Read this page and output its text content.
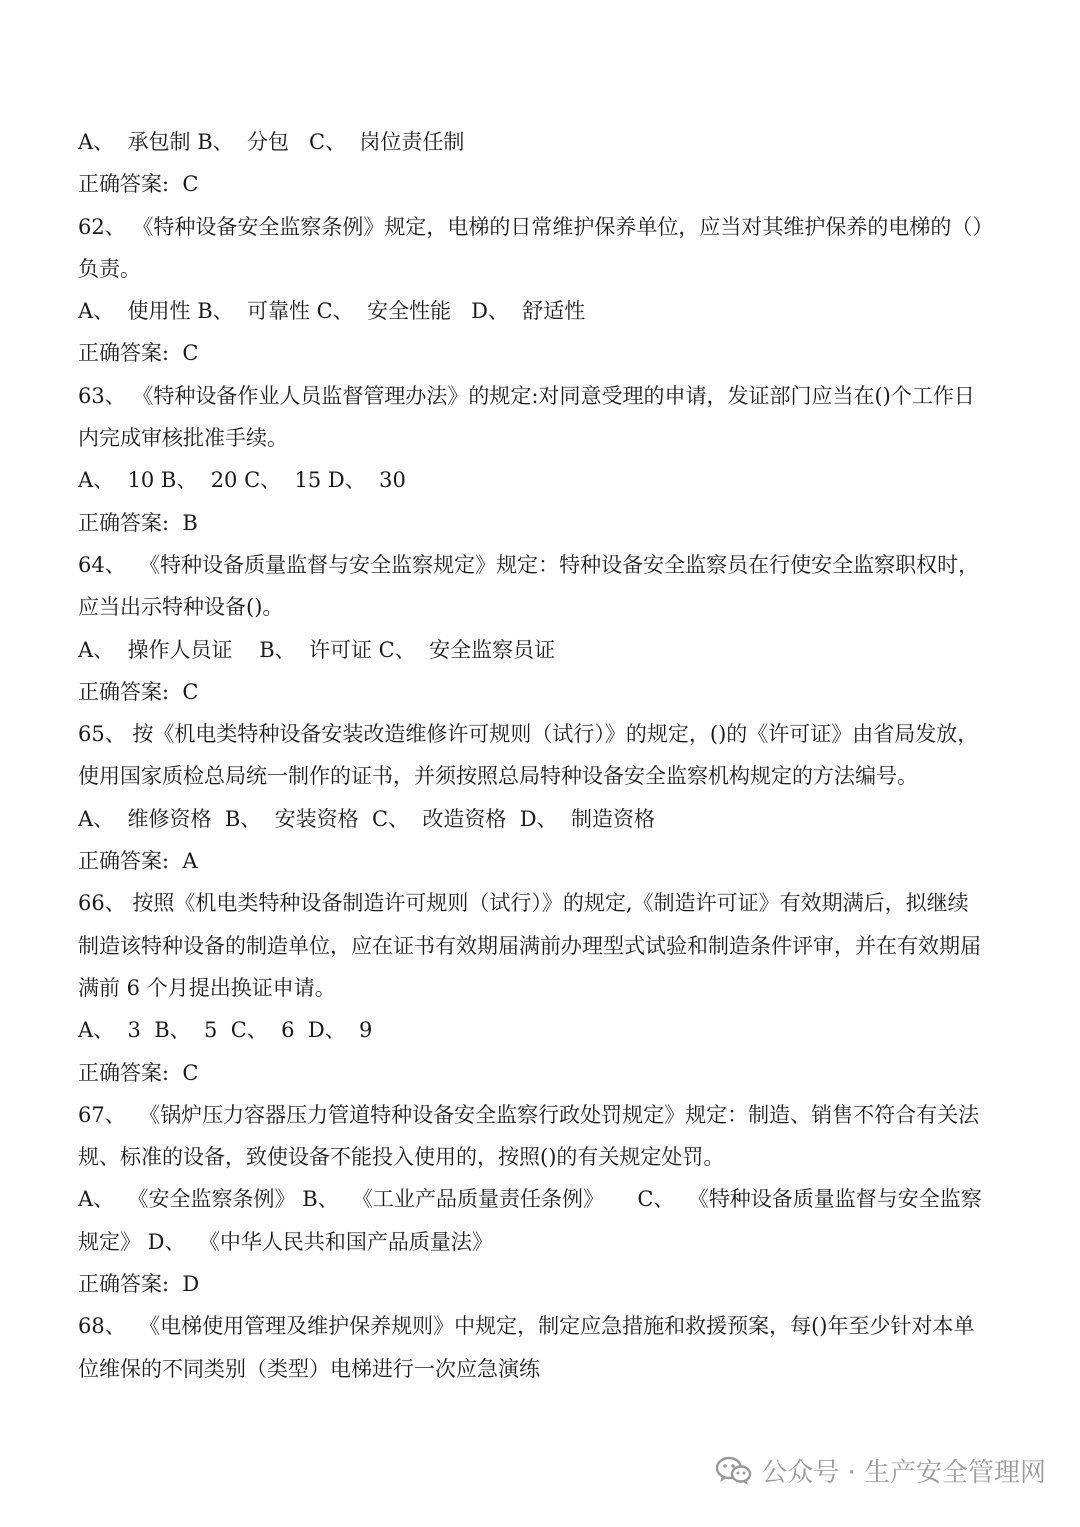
A、  承包制 B、  分包   C、  岗位责任制
正确答案:  C
62、 《特种设备安全监察条例》规定，电梯的日常维护保养单位，应当对其维护保养的电梯的（）
负责。
A、  使用性 B、  可靠性 C、  安全性能   D、  舒适性
正确答案:  C
63、 《特种设备作业人员监督管理办法》的规定:对同意受理的申请，发证部门应当在()个工作日
内完成审核批准手续。
A、  10 B、  20 C、  15 D、  30
正确答案:  B
64、  《特种设备质量监督与安全监察规定》规定：特种设备安全监察员在行使安全监察职权时，
应当出示特种设备()。
A、  操作人员证    B、  许可证 C、  安全监察员证
正确答案:  C
65、 按《机电类特种设备安装改造维修许可规则（试行）》的规定，()的《许可证》由省局发放，
使用国家质检总局统一制作的证书，并须按照总局特种设备安全监察机构规定的方法编号。
A、  维修资格  B、  安装资格  C、  改造资格  D、  制造资格
正确答案:  A
66、 按照《机电类特种设备制造许可规则（试行）》的规定,《制造许可证》有效期满后，拟继续
制造该特种设备的制造单位，应在证书有效期届满前办理型式试验和制造条件评审，并在有效期届
满前 6 个月提出换证申请。
A、  3  B、  5  C、  6  D、  9
正确答案:  C
67、  《锅炉压力容器压力管道特种设备安全监察行政处罚规定》规定：制造、销售不符合有关法
规、标准的设备，致使设备不能投入使用的，按照()的有关规定处罚。
A、  《安全监察条例》 B、  《工业产品质量责任条例》     C、  《特种设备质量监督与安全监察
规定》 D、  《中华人民共和国产品质量法》
正确答案:  D
68、  《电梯使用管理及维护保养规则》中规定，制定应急措施和救援预案，每()年至少针对本单
位维保的不同类别（类型）电梯进行一次应急演练
公众号 · 生产安全管理网
